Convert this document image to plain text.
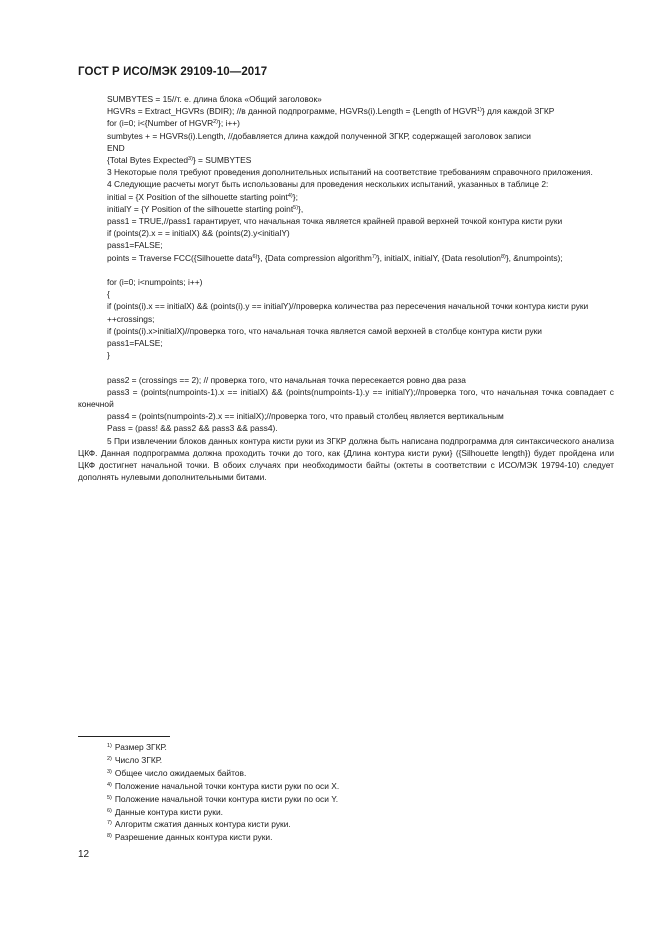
ГОСТ Р ИСО/МЭК 29109-10—2017

SUMBYTES = 15//т. е. длина блока «Общий заголовок»

HGVRs = Extract_HGVRs (BDIR); //в данной подпрограмме, HGVRs(i).Length = {Length of HGVR$^{1)}$} для каждой ЗГКР

for (i=0; i<{Number of HGVR$^{2)}$}; i++)

sumbytes + = HGVRs(i).Length, //добавляется длина каждой полученной ЗГКР, содержащей заголовок записи

END

{Total Bytes Expected$^{3)}$} = SUMBYTES

3 Некоторые поля требуют проведения дополнительных испытаний на соответствие требованиям справочного приложения.

4 Следующие расчеты могут быть использованы для проведения нескольких испытаний, указанных в таблице 2:

initial = {X Position of the silhouette starting point$^{4)}$};

initialY = {Y Position of the silhouette starting point$^{5)}$},

pass1 = TRUE,//pass1 гарантирует, что начальная точка является крайней правой верхней точкой контура кисти руки

if (points(2).x = = initialX) && (points(2).y<initialY)

pass1=FALSE;

points = Traverse FCC({Silhouette data$^{6)}$}, {Data compression algorithm$^{7)}$}, initialX, initialY, {Data resolution$^{8)}$}, &numpoints);

for (i=0; i<numpoints; i++)

{

if (points(i).x == initialX) && (points(i).y == initialY)//проверка количества раз пересечения начальной точки контура кисти руки

++crossings;

if (points(i).x>initialX)//проверка того, что начальная точка является самой верхней в столбце контура кисти руки

pass1=FALSE;

}

pass2 = (crossings == 2); // проверка того, что начальная точка пересекается ровно два раза

pass3 = (points(numpoints-1).x == initialX) && (points(numpoints-1).y == initialY);//проверка того, что начальная точка совпадает с конечной

pass4 = (points(numpoints-2).x == initialX);//проверка того, что правый столбец является вертикальным

Pass = (pass! && pass2 && pass3 && pass4).

5 При извлечении блоков данных контура кисти руки из ЗГКР должна быть написана подпрограмма для синтаксического анализа ЦКФ. Данная подпрограмма должна проходить точки до того, как {Длина контура кисти руки} ({Silhouette length}) будет пройдена или ЦКФ достигнет начальной точки. В обоих случаях при необходимости байты (октеты в соответствии с ИСО/МЭК 19794-10) следует дополнять нулевыми дополнительными битами.

$^{1)}$ Размер ЗГКР.
$^{2)}$ Число ЗГКР.
$^{3)}$ Общее число ожидаемых байтов.
$^{4)}$ Положение начальной точки контура кисти руки по оси X.
$^{5)}$ Положение начальной точки контура кисти руки по оси Y.
$^{6)}$ Данные контура кисти руки.
$^{7)}$ Алгоритм сжатия данных контура кисти руки.
$^{8)}$ Разрешение данных контура кисти руки.
12
